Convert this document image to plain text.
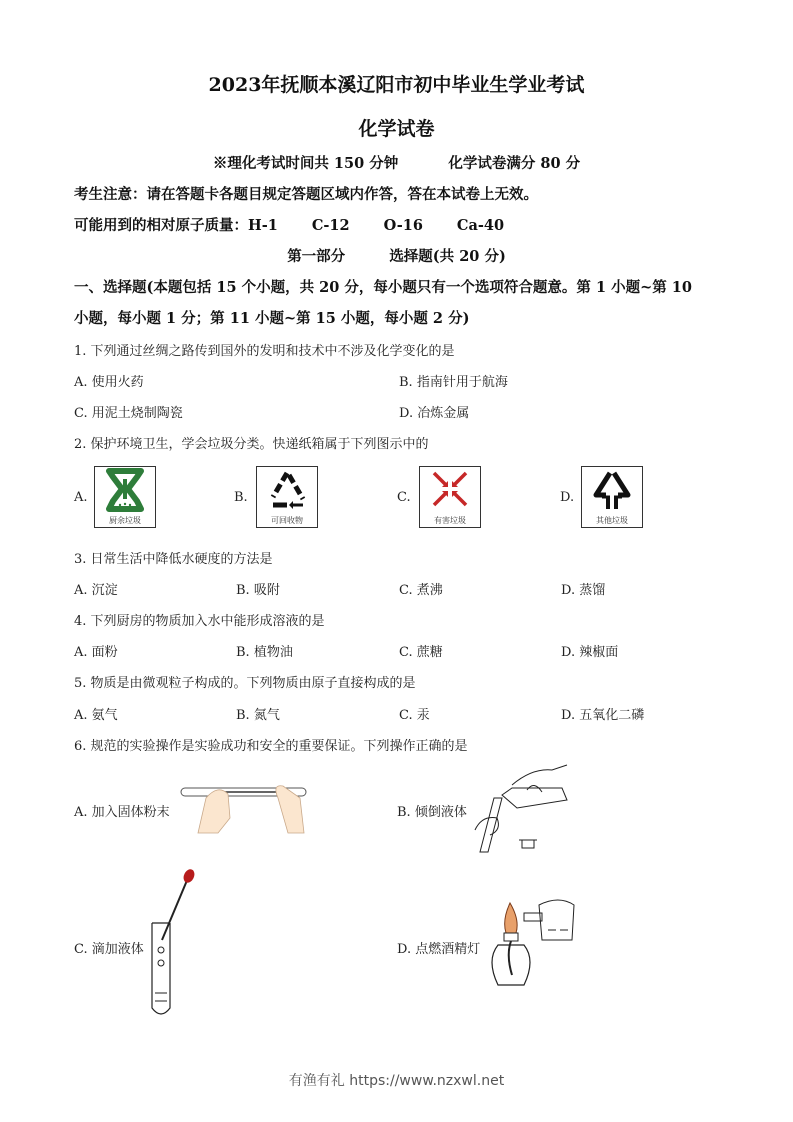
2023年抚顺本溪辽阳市初中毕业生学业考试
化学试卷
※理化考试时间共 150 分钟	化学试卷满分 80 分
考生注意：请在答题卡各题目规定答题区域内作答，答在本试卷上无效。
可能用到的相对原子质量：H-1 C-12 O-16 Ca-40
第一部分	选择题(共 20 分)
一、选择题(本题包括 15 个小题，共 20 分，每小题只有一个选项符合题意。第 1 小题~第 10
小题，每小题 1 分；第 11 小题~第 15 小题，每小题 2 分)
1. 下列通过丝绸之路传到国外的发明和技术中不涉及化学变化的是
A. 使用火药	B. 指南针用于航海
C. 用泥土烧制陶瓷	D. 冶炼金属
2. 保护环境卫生，学会垃圾分类。快递纸箱属于下列图示中的
A.	B.	C.	D.
厨余垃圾	可回收物	有害垃圾	其他垃圾
3. 日常生活中降低水硬度的方法是
A. 沉淀	B. 吸附	C. 煮沸	D. 蒸馏
4. 下列厨房的物质加入水中能形成溶液的是
A. 面粉	B. 植物油	C. 蔗糖	D. 辣椒面
5. 物质是由微观粒子构成的。下列物质由原子直接构成的是
A. 氨气	B. 氮气	C. 汞	D. 五氧化二磷
6. 规范的实验操作是实验成功和安全的重要保证。下列操作正确的是
A. 加入固体粉末	B. 倾倒液体
C. 滴加液体	D. 点燃酒精灯
有渔有礼 https://www.nzxwl.net
